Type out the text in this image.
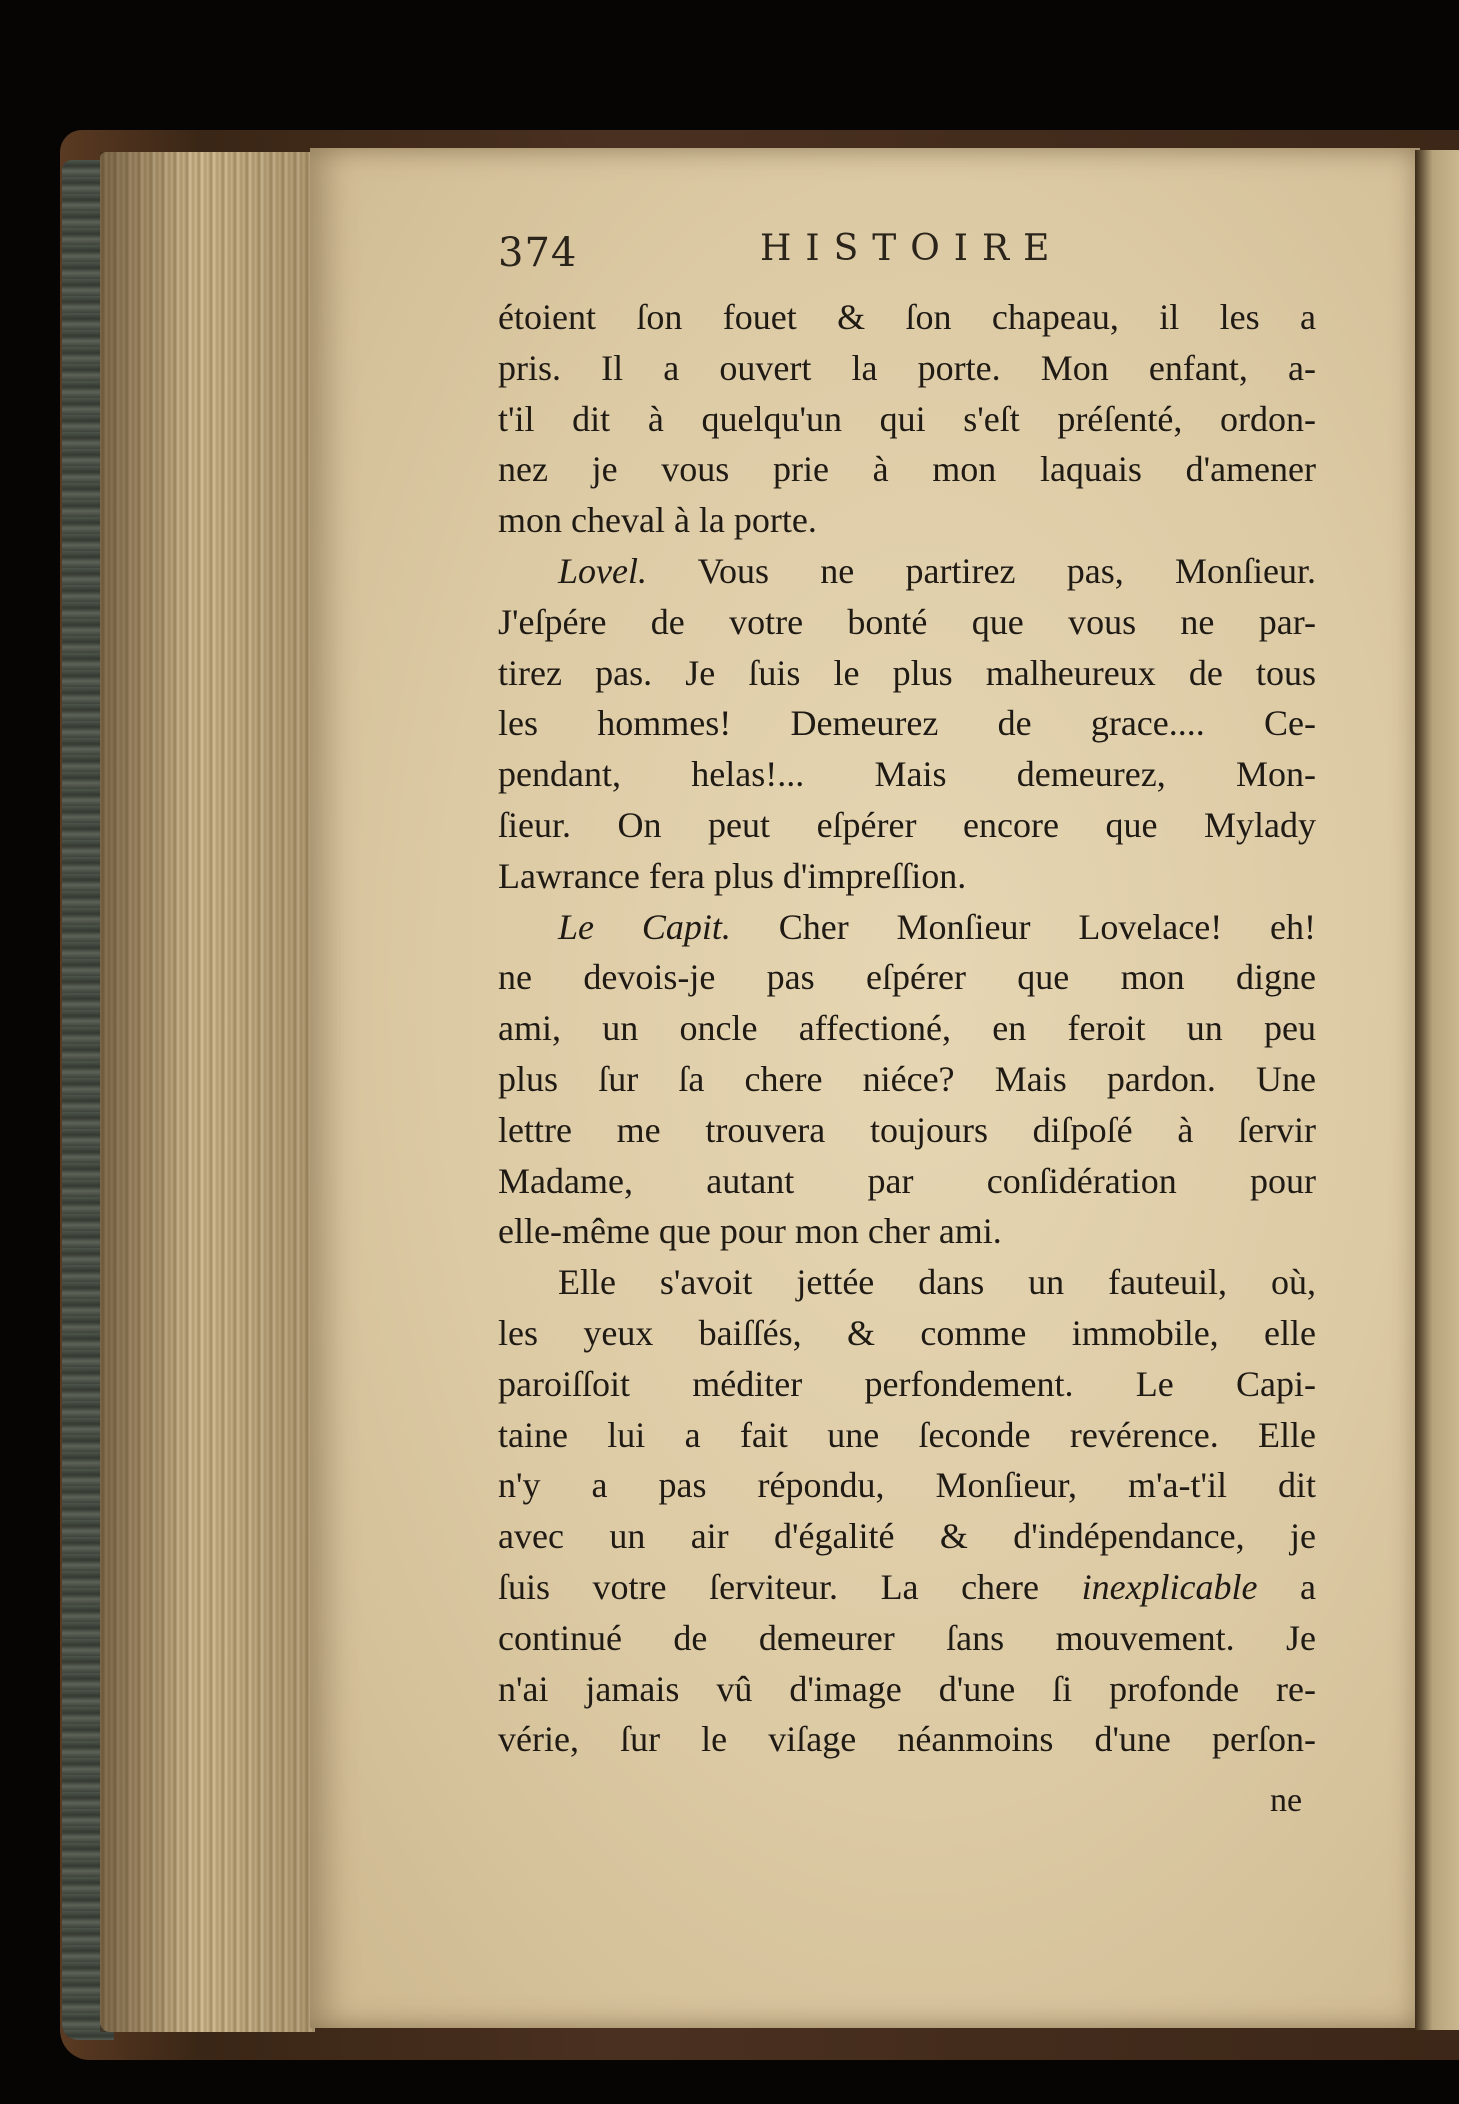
374	HISTOIRE
étoient ſon fouet & ſon chapeau, il les a
pris. Il a ouvert la porte. Mon enfant, a-
t'il dit à quelqu'un qui s'eſt préſenté, ordon-
nez je vous prie à mon laquais d'amener
mon cheval à la porte.
Lovel. Vous ne partirez pas, Monſieur.
J'eſpére de votre bonté que vous ne par-
tirez pas. Je ſuis le plus malheureux de tous
les hommes! Demeurez de grace.... Ce-
pendant, helas!... Mais demeurez, Mon-
ſieur. On peut eſpérer encore que Mylady
Lawrance fera plus d'impreſſion.
Le Capit. Cher Monſieur Lovelace! eh!
ne devois-je pas eſpérer que mon digne
ami, un oncle affectioné, en feroit un peu
plus ſur ſa chere niéce? Mais pardon. Une
lettre me trouvera toujours diſpoſé à ſervir
Madame, autant par conſidération pour
elle-même que pour mon cher ami.
Elle s'avoit jettée dans un fauteuil, où,
les yeux baiſſés, & comme immobile, elle
paroiſſoit méditer perfondement. Le Capi-
taine lui a fait une ſeconde revérence. Elle
n'y a pas répondu, Monſieur, m'a-t'il dit
avec un air d'égalité & d'indépendance, je
ſuis votre ſerviteur. La chere inexplicable a
continué de demeurer ſans mouvement. Je
n'ai jamais vû d'image d'une ſi profonde re-
vérie, ſur le viſage néanmoins d'une perſon-
ne
